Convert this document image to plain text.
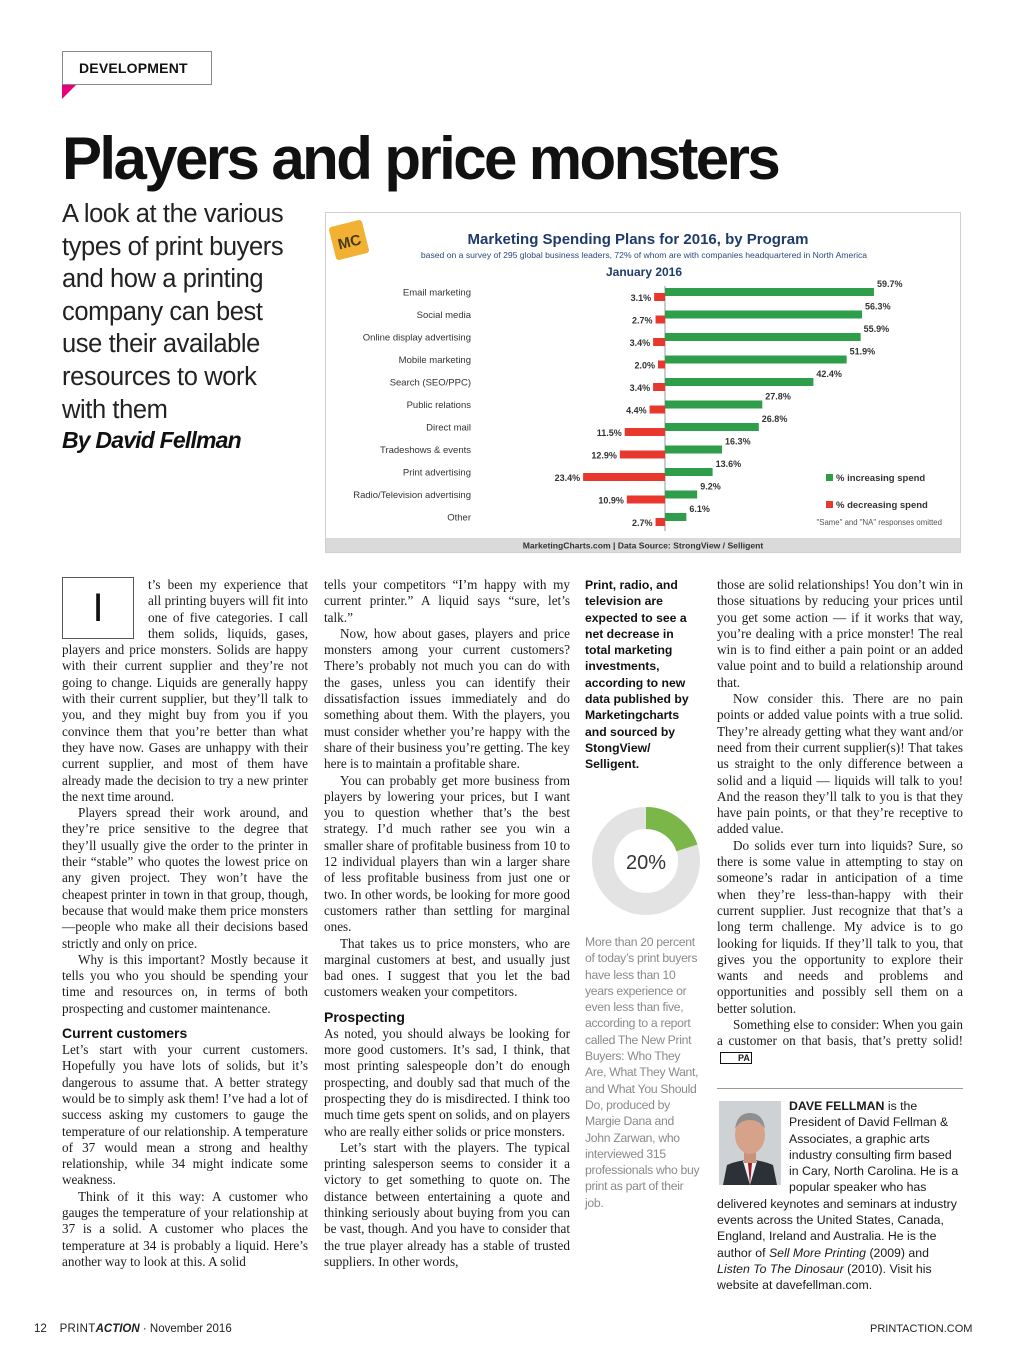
DEVELOPMENT
Players and price monsters
A look at the various
types of print buyers
and how a printing
company can best
use their available
resources to work
with them
By David Fellman
MC	Marketing Spending Plans for 2016, by Program
based on a survey of 295 global business leaders, 72% of whom are with companies headquartered in North America
January 2016
Email marketing
Social media
Online display advertising
Mobile marketing
Search (SEO/PPC)
Public relations
Direct mail
Tradeshows & events
Print advertising
Radio/Television advertising
Other
59.7%
3.1%
56.3%
2.7%
55.9%
3.4%
51.9%
2.0%
42.4%
3.4%
27.8%
4.4%
26.8%
11.5%
16.3%
12.9%
13.6%
23.4%
9.2%
10.9%
6.1%
2.7%
% increasing spend
% decreasing spend
"Same" and "NA" responses omitted
MarketingCharts.com | Data Source: StrongView / Selligent
I

t’s been my experience that all printing buyers will fit into one of five categories. I call them solids, liquids, gases, players and price monsters. Solids are happy with their current supplier and they’re not going to change. Liquids are generally happy with their current supplier, but they’ll talk to you, and they might buy from you if you convince them that you’re better than what they have now. Gases are unhappy with their current supplier, and most of them have already made the decision to try a new printer the next time around.

Players spread their work around, and they’re price sensitive to the degree that they’ll usually give the order to the printer in their “stable” who quotes the lowest price on any given project. They won’t have the cheapest printer in town in that group, though, because that would make them price monsters—people who make all their decisions based strictly and only on price.

Why is this important? Mostly because it tells you who you should be spending your time and resources on, in terms of both prospecting and customer maintenance.

Current customers

Let’s start with your current customers. Hopefully you have lots of solids, but it’s dangerous to assume that. A better strategy would be to simply ask them! I’ve had a lot of success asking my customers to gauge the temperature of our relationship. A temperature of 37 would mean a strong and healthy relationship, while 34 might indicate some weakness.

Think of it this way: A customer who gauges the temperature of your relationship at 37 is a solid. A customer who places the temperature at 34 is probably a liquid. Here’s another way to look at this. A solid

tells your competitors “I’m happy with my current printer.” A liquid says “sure, let’s talk.”

Now, how about gases, players and price monsters among your current customers? There’s probably not much you can do with the gases, unless you can identify their dissatisfaction issues immediately and do something about them. With the players, you must consider whether you’re happy with the share of their business you’re getting. The key here is to maintain a profitable share.

You can probably get more business from players by lowering your prices, but I want you to question whether that’s the best strategy. I’d much rather see you win a smaller share of profitable business from 10 to 12 individual players than win a larger share of less profitable business from just one or two. In other words, be looking for more good customers rather than settling for marginal ones.

That takes us to price monsters, who are marginal customers at best, and usually just bad ones. I suggest that you let the bad customers weaken your competitors.

Prospecting

As noted, you should always be looking for more good customers. It’s sad, I think, that most printing salespeople don’t do enough prospecting, and doubly sad that much of the prospecting they do is misdirected. I think too much time gets spent on solids, and on players who are really either solids or price monsters.

Let’s start with the players. The typical printing salesperson seems to consider it a victory to get something to quote on. The distance between entertaining a quote and thinking seriously about buying from you can be vast, though. And you have to consider that the true player already has a stable of trusted suppliers. In other words,

Print, radio, and
television are
expected to see a
net decrease in
total marketing
investments,
according to new
data published by
Marketingcharts
and sourced by
StongView/
Selligent.
20%
More than 20 percent
of today’s print buyers
have less than 10
years experience or
even less than five,
according to a report
called The New Print
Buyers: Who They
Are, What They Want,
and What You Should
Do, produced by
Margie Dana and
John Zarwan, who
interviewed 315
professionals who buy
print as part of their
job.

those are solid relationships! You don’t win in those situations by reducing your prices until you get some action — if it works that way, you’re dealing with a price monster! The real win is to find either a pain point or an added value point and to build a relationship around that.

Now consider this. There are no pain points or added value points with a true solid. They’re already getting what they want and/or need from their current supplier(s)! That takes us straight to the only difference between a solid and a liquid — liquids will talk to you! And the reason they’ll talk to you is that they have pain points, or that they’re receptive to added value.

Do solids ever turn into liquids? Sure, so there is some value in attempting to stay on someone’s radar in anticipation of a time when they’re less-than-happy with their current supplier. Just recognize that that’s a long term challenge. My advice is to go looking for liquids. If they’ll talk to you, that gives you the opportunity to explore their wants and needs and problems and opportunities and possibly sell them on a better solution.

Something else to consider: When you gain a customer on that basis, that’s pretty solid!PA

DAVE FELLMAN is the
President of David Fellman &
Associates, a graphic arts
industry consulting firm based
in Cary, North Carolina. He is a
popular speaker who has
delivered keynotes and seminars at industry
events across the United States, Canada,
England, Ireland and Australia. He is the
author of Sell More Printing (2009) and
Listen To The Dinosaur (2010). Visit his
website at davefellman.com.
12 PRINTACTION · November 2016	PRINTACTION.COM
